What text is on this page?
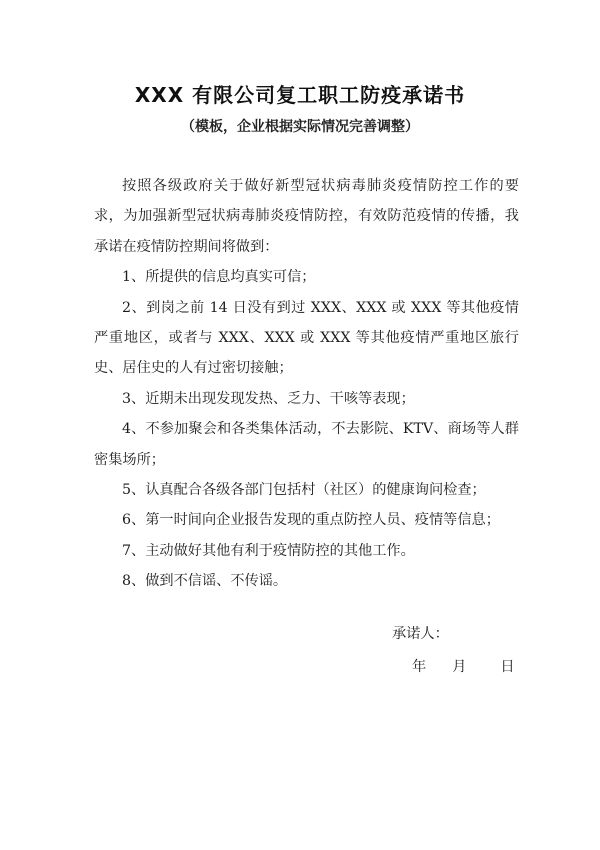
XXX 有限公司复工职工防疫承诺书
（模板，企业根据实际情况完善调整）

按照各级政府关于做好新型冠状病毒肺炎疫情防控工作的要求，为加强新型冠状病毒肺炎疫情防控，有效防范疫情的传播，我承诺在疫情防控期间将做到：

1、所提供的信息均真实可信；

2、到岗之前 14 日没有到过 XXX、XXX 或 XXX 等其他疫情严重地区，或者与 XXX、XXX 或 XXX 等其他疫情严重地区旅行史、居住史的人有过密切接触；

3、近期未出现发现发热、乏力、干咳等表现；

4、不参加聚会和各类集体活动，不去影院、KTV、商场等人群密集场所；

5、认真配合各级各部门包括村（社区）的健康询问检查；

6、第一时间向企业报告发现的重点防控人员、疫情等信息；

7、主动做好其他有利于疫情防控的其他工作。

8、做到不信谣、不传谣。

承诺人：
年 月 日
